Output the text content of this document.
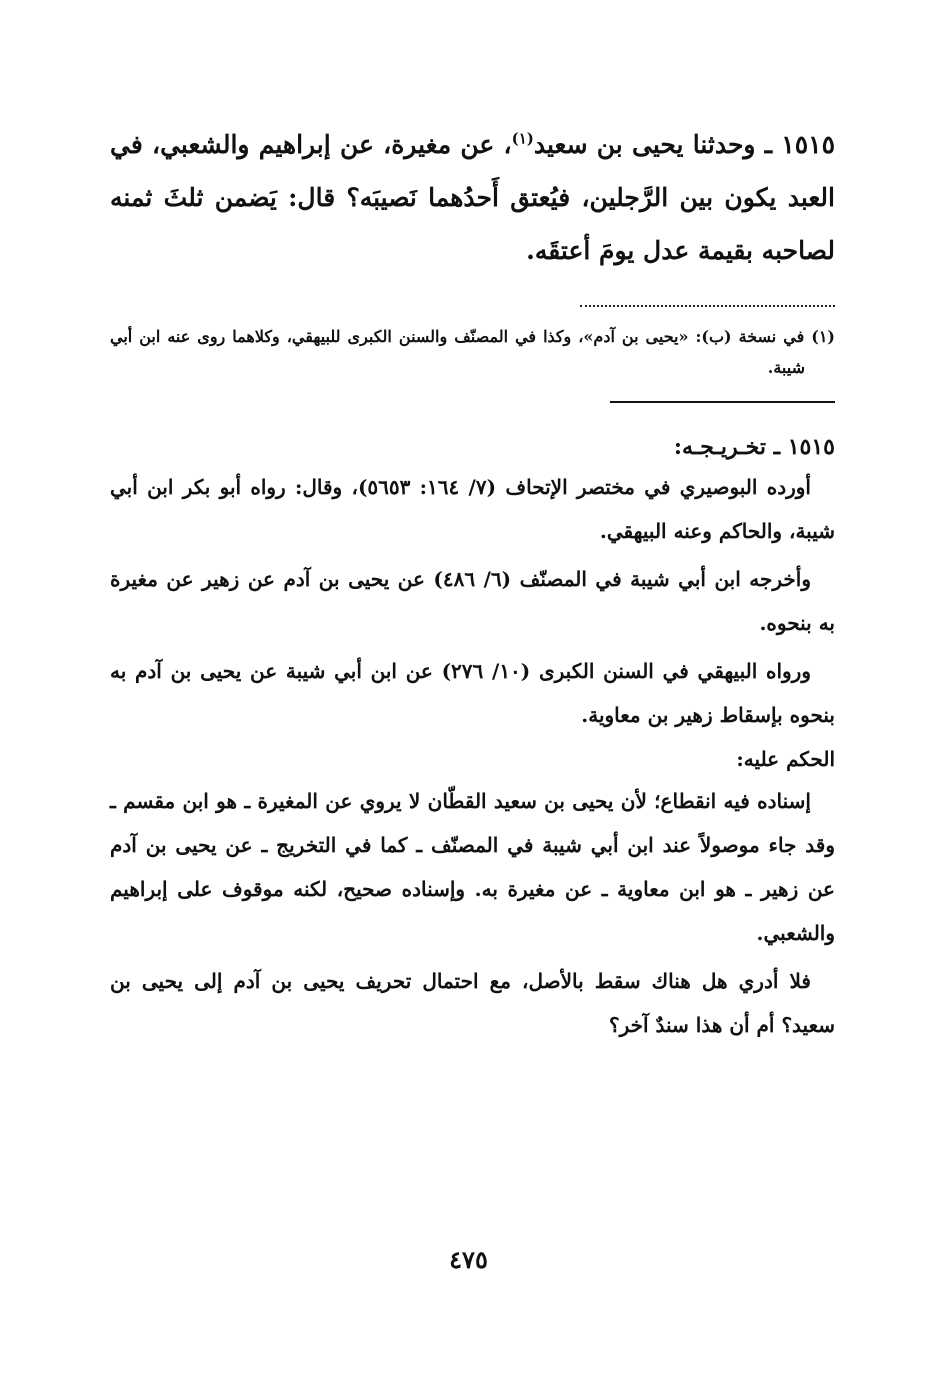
١٥١٥ ـ وحدثنا يحيى بن سعيد$^{(١)}$، عن مغيرة، عن إبراهيم والشعبي، في العبد يكون بين الرَّجلين، فيُعتق أَحدُهما نَصيبَه؟ قال: يَضمن ثلثَ ثمنه لصاحبه بقيمة عدل يومَ أعتقَه.

(١) في نسخة (ب): «يحيى بن آدم»، وكذا في المصنّف والسنن الكبرى للبيهقي، وكلاهما روى عنه ابن أبي شيبة.
١٥١٥ ـ تخـريـجـه:

أورده البوصيري في مختصر الإتحاف (٧/ ١٦٤: ٥٦٥٣)، وقال: رواه أبو بكر ابن أبي شيبة، والحاكم وعنه البيهقي.

وأخرجه ابن أبي شيبة في المصنّف (٦/ ٤٨٦) عن يحيى بن آدم عن زهير عن مغيرة به بنحوه.

ورواه البيهقي في السنن الكبرى (١٠/ ٢٧٦) عن ابن أبي شيبة عن يحيى بن آدم به بنحوه بإسقاط زهير بن معاوية.

الحكم عليه:

إسناده فيه انقطاع؛ لأن يحيى بن سعيد القطّان لا يروي عن المغيرة ـ هو ابن مقسم ـ وقد جاء موصولاً عند ابن أبي شيبة في المصنّف ـ كما في التخريج ـ عن يحيى بن آدم عن زهير ـ هو ابن معاوية ـ عن مغيرة به. وإسناده صحيح، لكنه موقوف على إبراهيم والشعبي.

فلا أدري هل هناك سقط بالأصل، مع احتمال تحريف يحيى بن آدم إلى يحيى بن سعيد؟ أم أن هذا سندٌ آخر؟

٤٧٥
